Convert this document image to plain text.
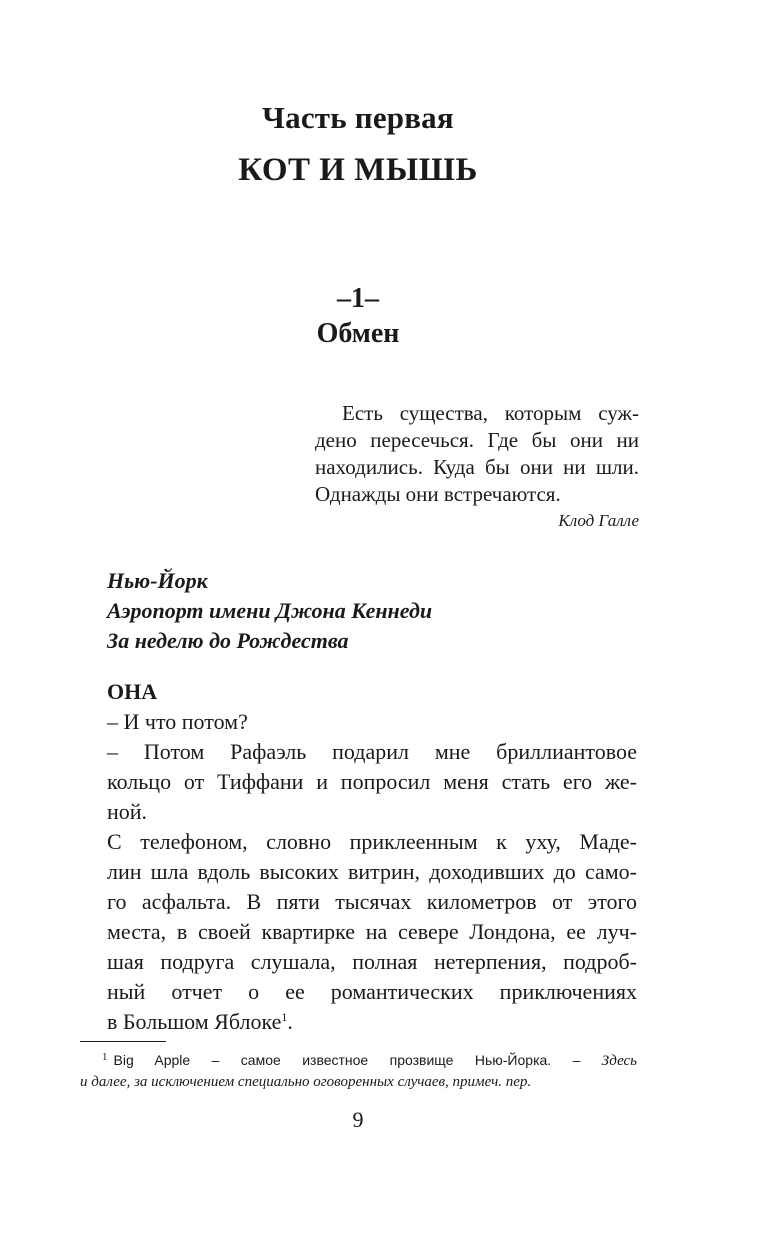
Часть первая
КОТ И МЫШЬ
–1–
Обмен
Есть существа, которым суж-
дено пересечься. Где бы они ни
находились. Куда бы они ни шли.
Однажды они встречаются.
Клод Галле
Нью-Йорк
Аэропорт имени Джона Кеннеди
За неделю до Рождества
ОНА
– И что потом?
– Потом Рафаэль подарил мне бриллиантовое
кольцо от Тиффани и попросил меня стать его же-
ной.
С телефоном, словно приклеенным к уху, Маде-
лин шла вдоль высоких витрин, доходивших до само-
го асфальта. В пяти тысячах километров от этого
места, в своей квартирке на севере Лондона, ее луч-
шая подруга слушала, полная нетерпения, подроб-
ный отчет о ее романтических приключениях
в Большом Яблоке$^1$.
$^1$ Big Apple – самое известное прозвище Нью-Йорка. – Здесь
и далее, за исключением специально оговоренных случаев, примеч. пер.
9
